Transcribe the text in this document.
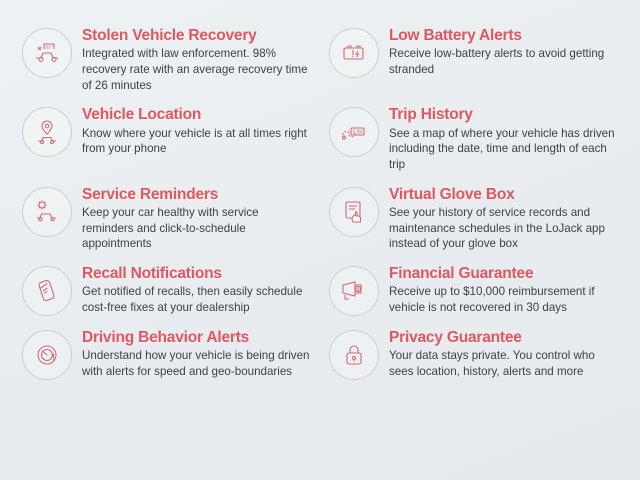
Stolen Vehicle Recovery

Integrated with law enforcement. 98% recovery rate with an average recovery time of 26 minutes

Low Battery Alerts

Receive low-battery alerts to avoid getting stranded

Vehicle Location

Know where your vehicle is at all times right from your phone

0:04

Trip History

See a map of where your vehicle has driven including the date, time and length of each trip

Service Reminders

Keep your car healthy with service reminders and click-to-schedule appointments

Virtual Glove Box

See your history of service records and maintenance schedules in the LoJack app instead of your glove box

Recall Notifications

Get notified of recalls, then easily schedule cost-free fixes at your dealership

Financial Guarantee

Receive up to $10,000 reimbursement if vehicle is not recovered in 30 days

Driving Behavior Alerts

Understand how your vehicle is being driven with alerts for speed and geo-boundaries

Privacy Guarantee

Your data stays private. You control who sees location, history, alerts and more
